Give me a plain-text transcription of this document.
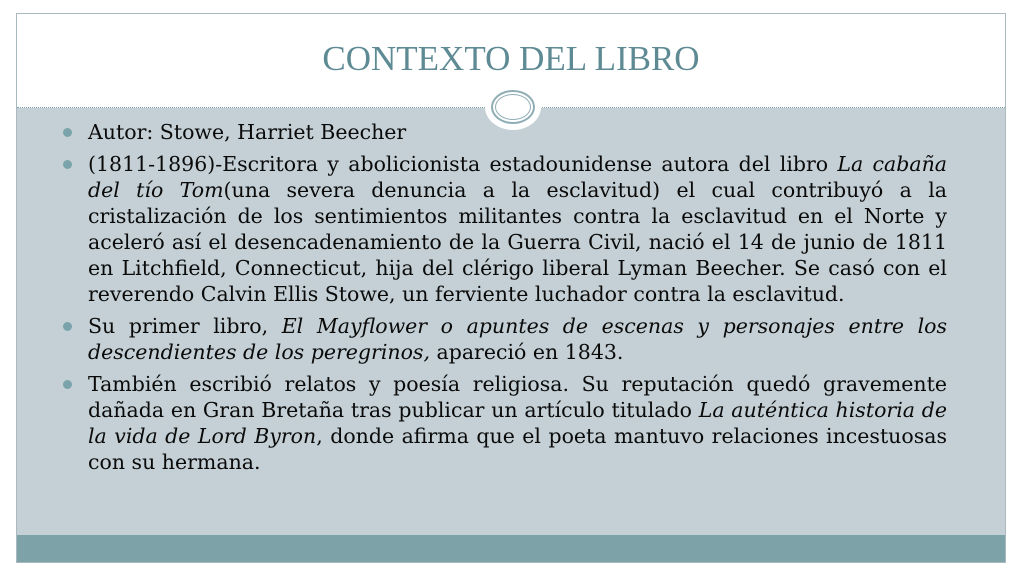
CONTEXTO DEL LIBRO
Autor: Stowe, Harriet Beecher
(1811-1896)-Escritora y abolicionista estadounidense autora del libro La cabaña del tío Tom(una severa denuncia a la esclavitud) el cual contribuyó a la cristalización de los sentimientos militantes contra la esclavitud en el Norte y aceleró así el desencadenamiento de la Guerra Civil, nació el 14 de junio de 1811 en Litchfield, Connecticut, hija del clérigo liberal Lyman Beecher. Se casó con el reverendo Calvin Ellis Stowe, un ferviente luchador contra la esclavitud.
Su primer libro, El Mayflower o apuntes de escenas y personajes entre los descendientes de los peregrinos, apareció en 1843.
También escribió relatos y poesía religiosa. Su reputación quedó gravemente dañada en Gran Bretaña tras publicar un artículo titulado La auténtica historia de la vida de Lord Byron, donde afirma que el poeta mantuvo relaciones incestuosas con su hermana.
